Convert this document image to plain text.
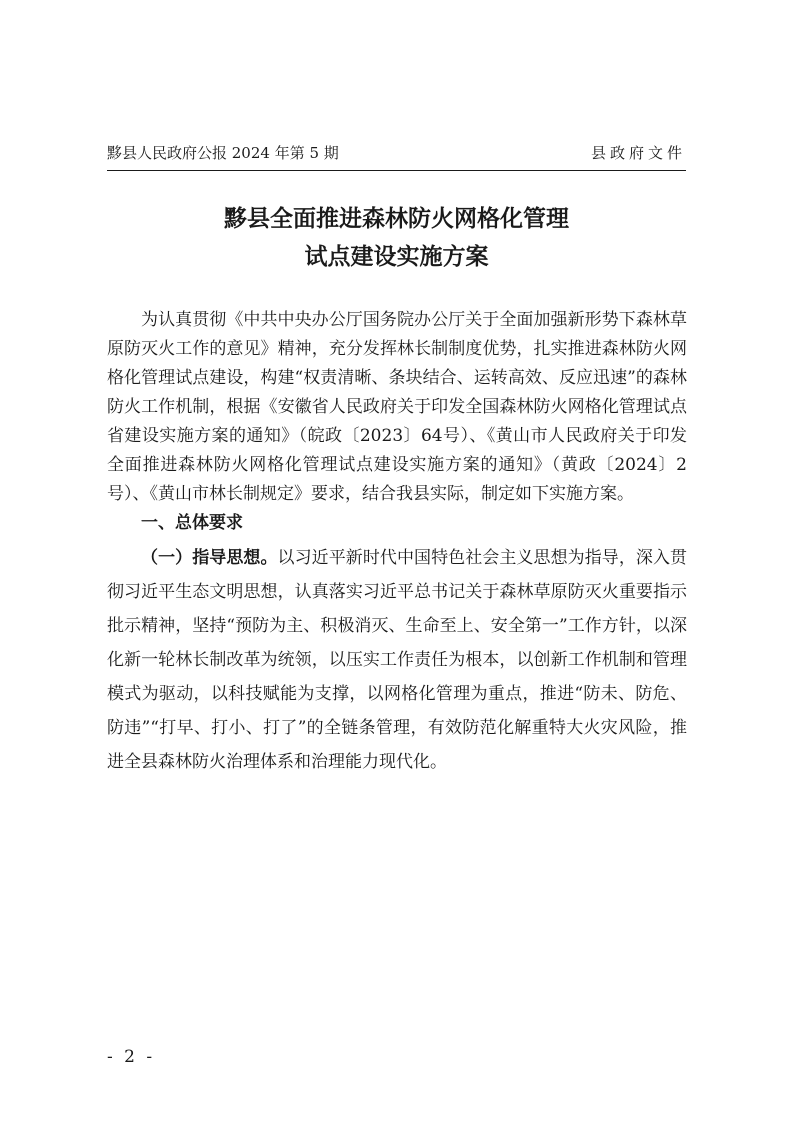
黟县人民政府公报 2024 年第 5 期	县政府文件
黟县全面推进森林防火网格化管理
试点建设实施方案

为认真贯彻《中共中央办公厅国务院办公厅关于全面加强新形势下森林草原防灭火工作的意见》精神，充分发挥林长制制度优势，扎实推进森林防火网格化管理试点建设，构建“权责清晰、条块结合、运转高效、反应迅速”的森林防火工作机制，根据《安徽省人民政府关于印发全国森林防火网格化管理试点省建设实施方案的通知》（皖政〔2023〕64号）、《黄山市人民政府关于印发全面推进森林防火网格化管理试点建设实施方案的通知》（黄政〔2024〕2号）、《黄山市林长制规定》要求，结合我县实际，制定如下实施方案。

一、总体要求

（一）指导思想。以习近平新时代中国特色社会主义思想为指导，深入贯彻习近平生态文明思想，认真落实习近平总书记关于森林草原防灭火重要指示批示精神，坚持“预防为主、积极消灭、生命至上、安全第一”工作方针，以深化新一轮林长制改革为统领，以压实工作责任为根本，以创新工作机制和管理模式为驱动，以科技赋能为支撑，以网格化管理为重点，推进“防未、防危、防违”“打早、打小、打了”的全链条管理，有效防范化解重特大火灾风险，推进全县森林防火治理体系和治理能力现代化。

- 2 -
